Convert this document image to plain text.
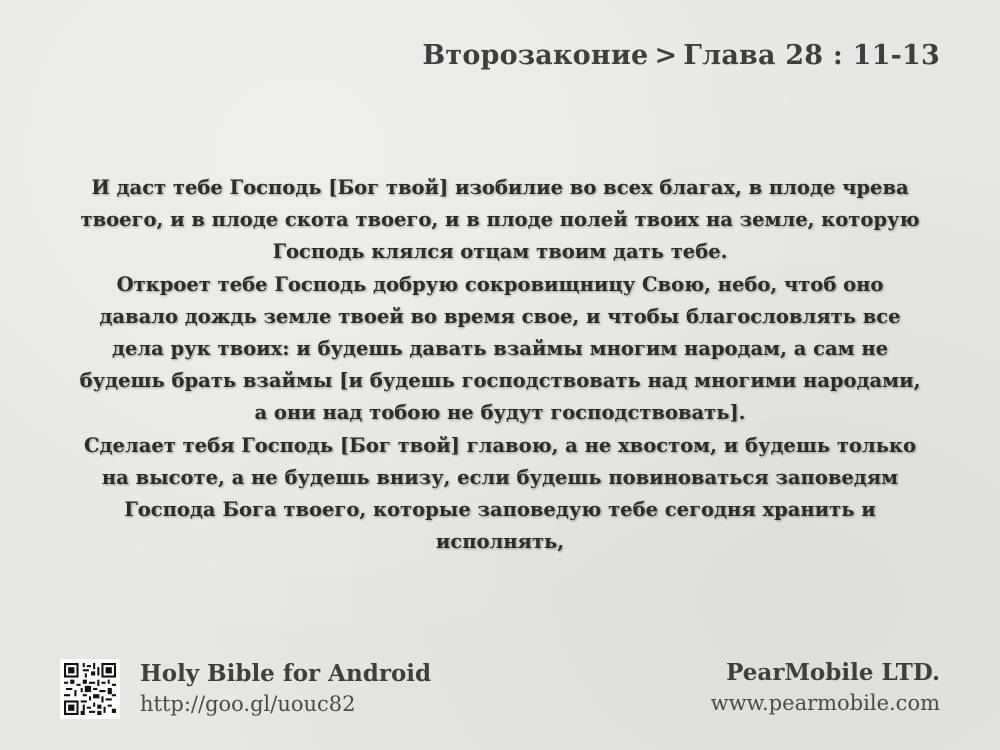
Второзаконие > Глава 28 : 11-13
И даст тебе Господь [Бог твой] изобилие во всех благах, в плоде чрева твоего, и в плоде скота твоего, и в плоде полей твоих на земле, которую Господь клялся отцам твоим дать тебе.
Откроет тебе Господь добрую сокровищницу Свою, небо, чтоб оно давало дождь земле твоей во время свое, и чтобы благословлять все дела рук твоих: и будешь давать взаймы многим народам, а сам не будешь брать взаймы [и будешь господствовать над многими народами, а они над тобою не будут господствовать].
Сделает тебя Господь [Бог твой] главою, а не хвостом, и будешь только на высоте, а не будешь внизу, если будешь повиноваться заповедям Господа Бога твоего, которые заповедую тебе сегодня хранить и исполнять,
Holy Bible for Android
http://goo.gl/uouc82
PearMobile LTD.
www.pearmobile.com
